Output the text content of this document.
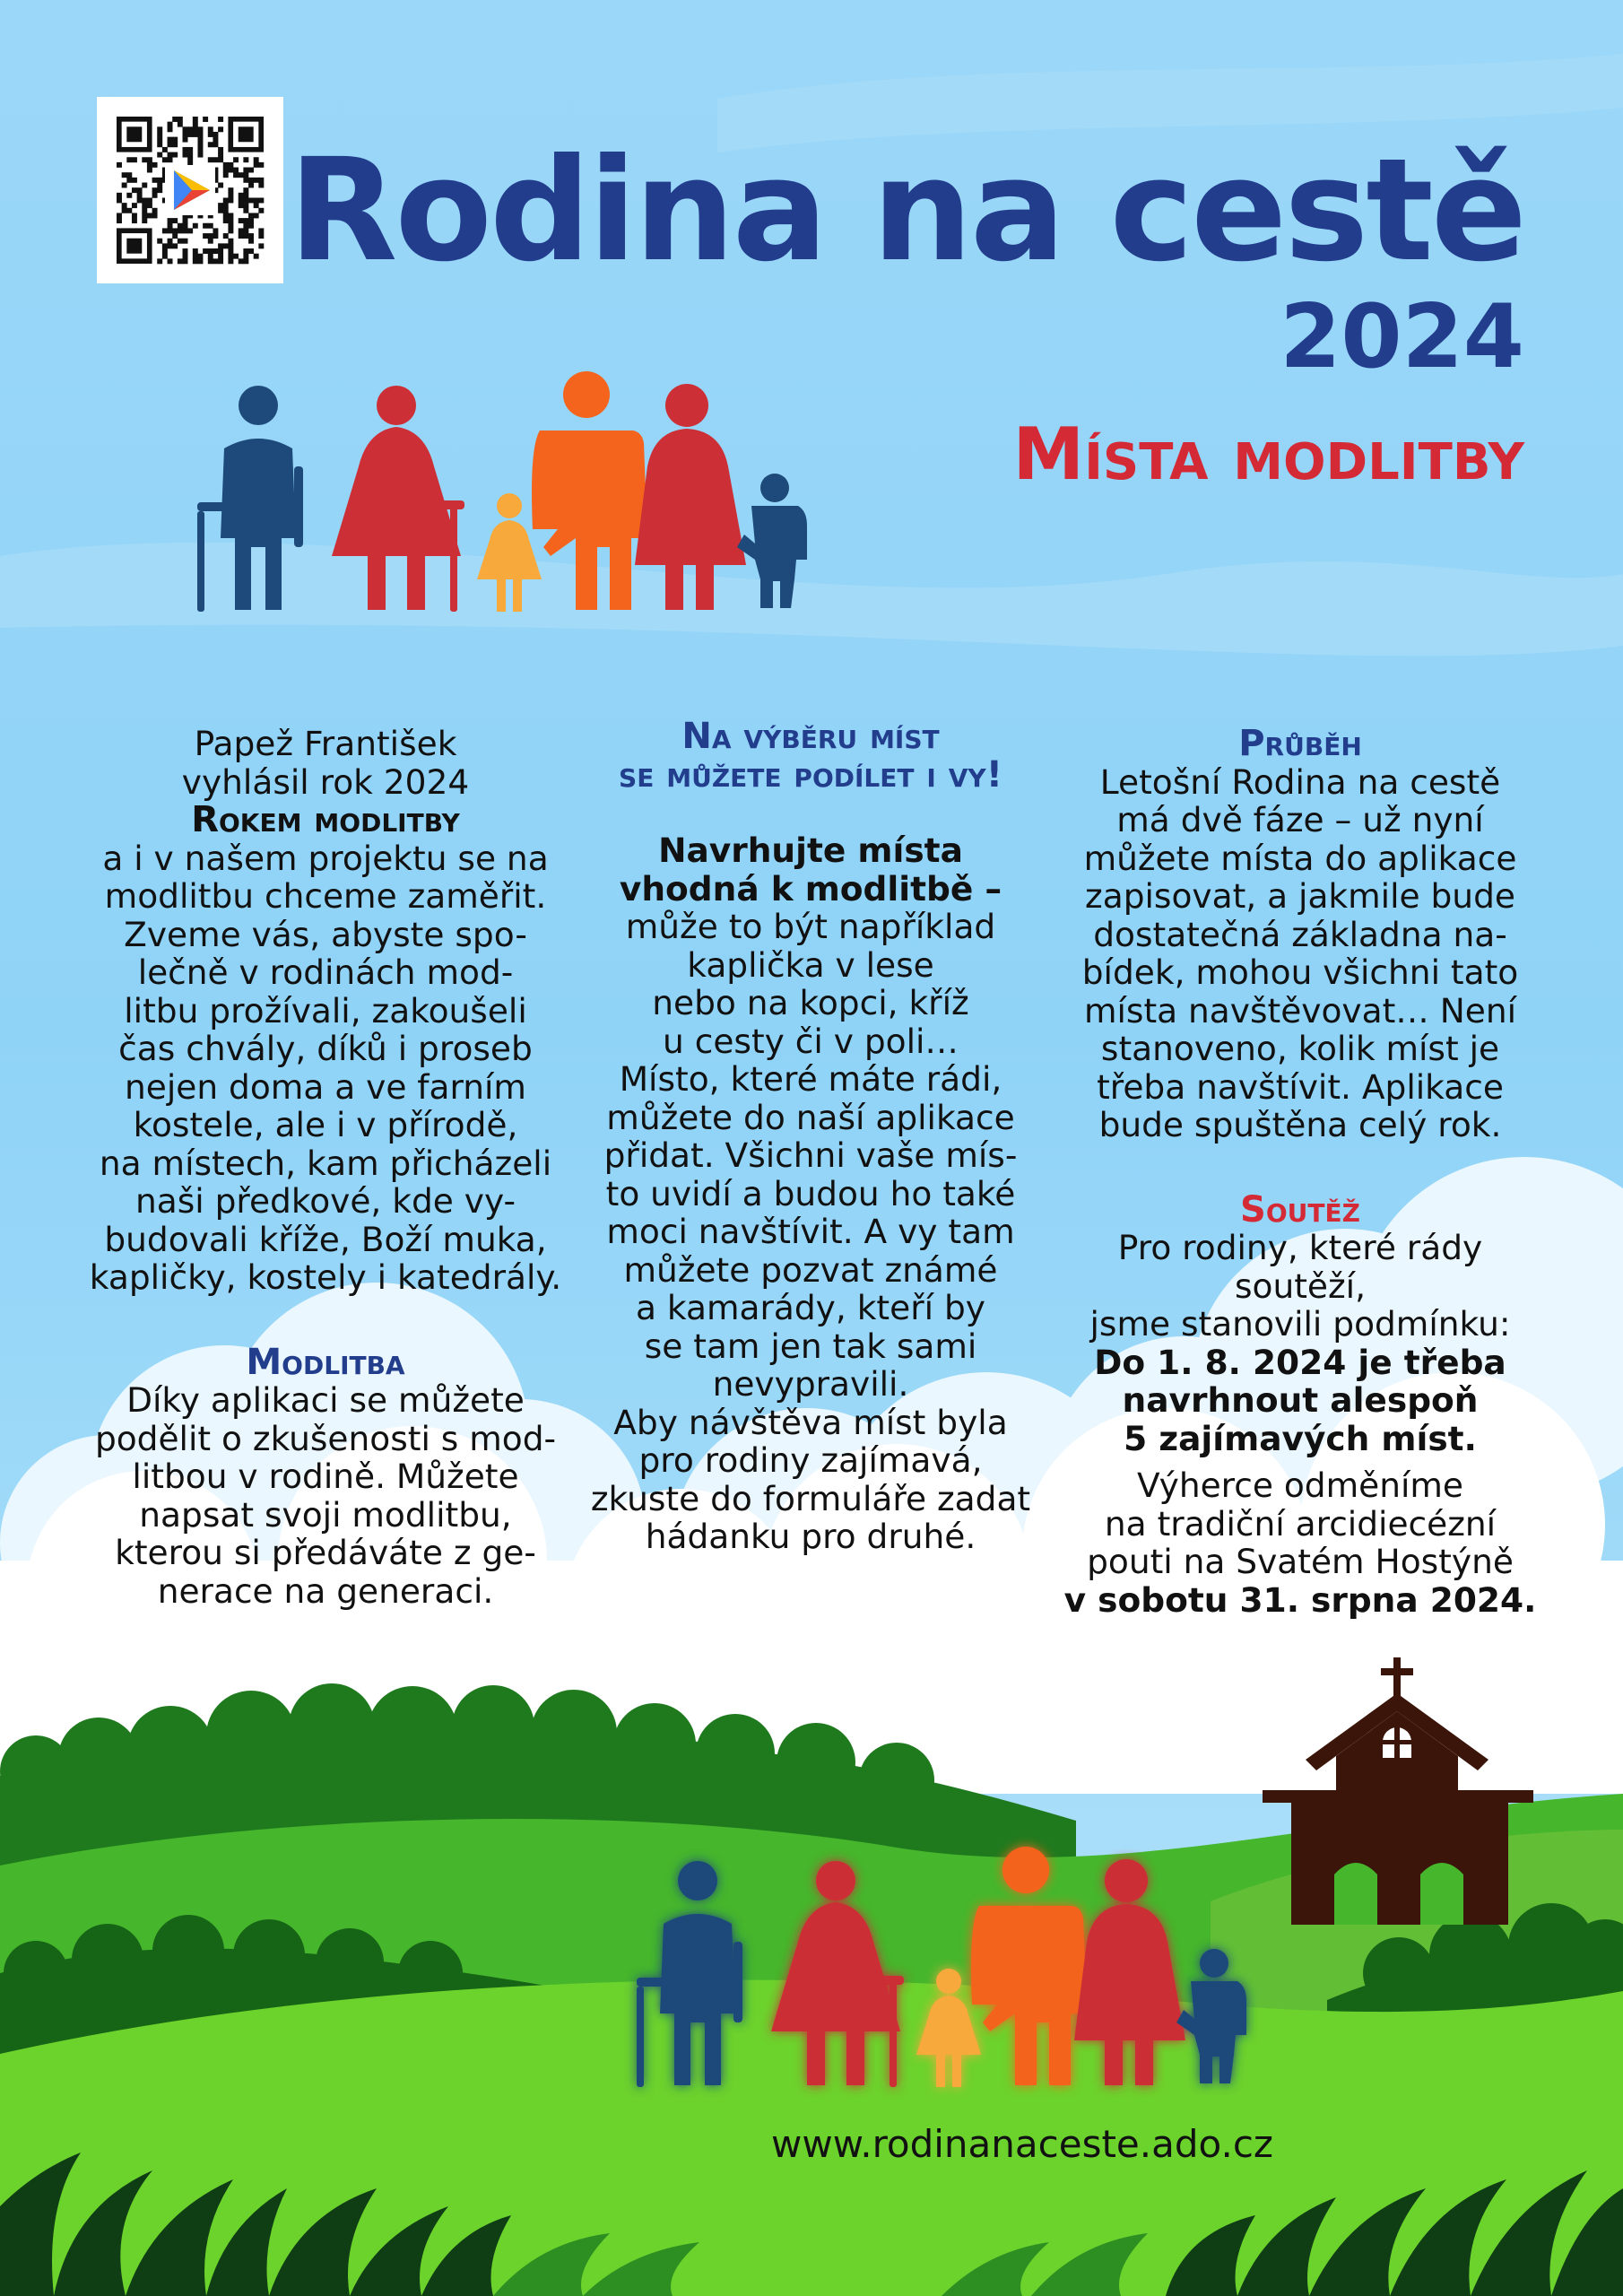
Rodina na cestě
2024
Místa modlitby
Papež František
vyhlásil rok 2024
Rokem modlitby
a i v našem projektu se na
modlitbu chceme zaměřit.
Zveme vás, abyste spo-
lečně v rodinách mod-
litbu prožívali, zakoušeli
čas chvály, díků i proseb
nejen doma a ve farním
kostele, ale i v přírodě,
na místech, kam přicházeli
naši předkové, kde vy-
budovali kříže, Boží muka,
kapličky, kostely i katedrály.
Modlitba
Díky aplikaci se můžete
podělit o zkušenosti s mod-
litbou v rodině. Můžete
napsat svoji modlitbu,
kterou si předáváte z ge-
nerace na generaci.
Na výběru míst
se můžete podílet i vy!
Navrhujte místa
vhodná k modlitbě –
může to být například
kaplička v lese
nebo na kopci, kříž
u cesty či v poli…
Místo, které máte rádi,
můžete do naší aplikace
přidat. Všichni vaše mís-
to uvidí a budou ho také
moci navštívit. A vy tam
můžete pozvat známé
a kamarády, kteří by
se tam jen tak sami
nevypravili.
Aby návštěva míst byla
pro rodiny zajímavá,
zkuste do formuláře zadat
hádanku pro druhé.
Průběh
Letošní Rodina na cestě
má dvě fáze – už nyní
můžete místa do aplikace
zapisovat, a jakmile bude
dostatečná základna na-
bídek, mohou všichni tato
místa navštěvovat… Není
stanoveno, kolik míst je
třeba navštívit. Aplikace
bude spuštěna celý rok.
Soutěž
Pro rodiny, které rády soutěží,
jsme stanovili podmínku:
Do 1. 8. 2024 je třeba
navrhnout alespoň
5 zajímavých míst.
Výherce odměníme
na tradiční arcidiecézní
pouti na Svatém Hostýně
v sobotu 31. srpna 2024.
www.rodinanaceste.ado.cz
